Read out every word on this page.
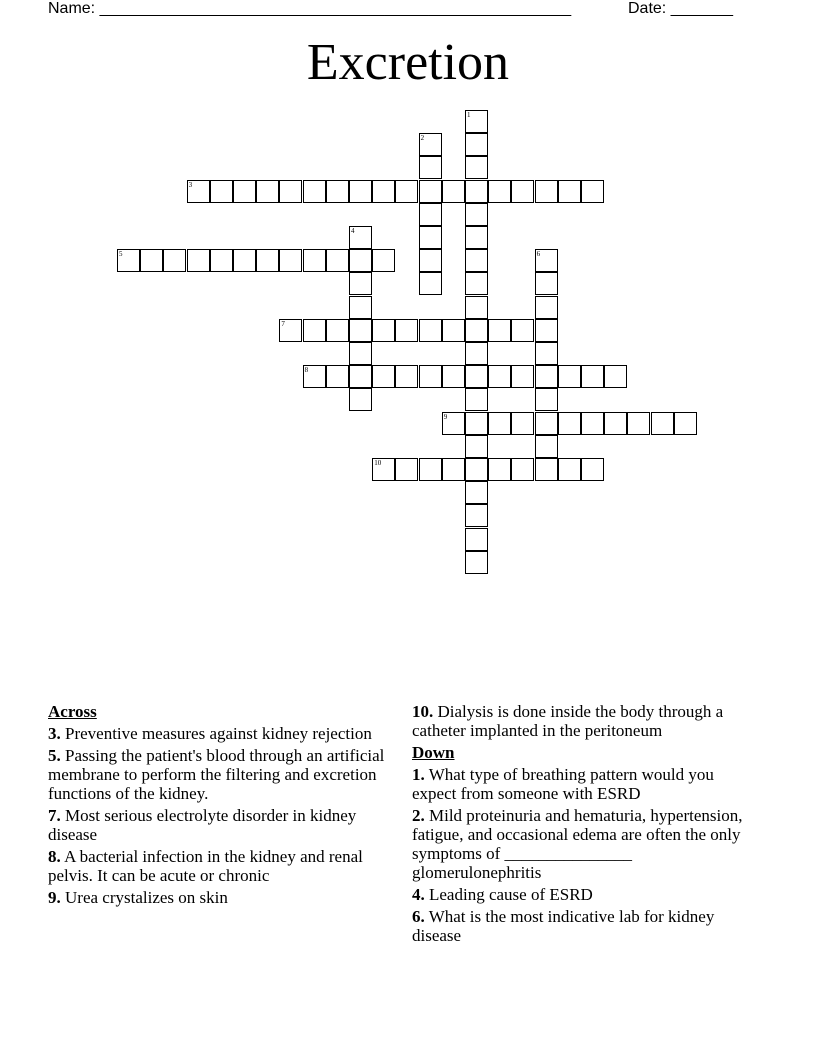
Name: _____________________________________________________	Date: _______
Excretion
1
2
3
4
5	6
7
8
9
10
Across
3. Preventive measures against kidney rejection
5. Passing the patient's blood through an artificial membrane to perform the filtering and excretion functions of the kidney.
7. Most serious electrolyte disorder in kidney disease
8. A bacterial infection in the kidney and renal pelvis. It can be acute or chronic
9. Urea crystalizes on skin
10. Dialysis is done inside the body through a catheter implanted in the peritoneum
Down
1. What type of breathing pattern would you expect from someone with ESRD
2. Mild proteinuria and hematuria, hypertension, fatigue, and occasional edema are often the only symptoms of _______________ glomerulonephritis
4. Leading cause of ESRD
6. What is the most indicative lab for kidney disease
